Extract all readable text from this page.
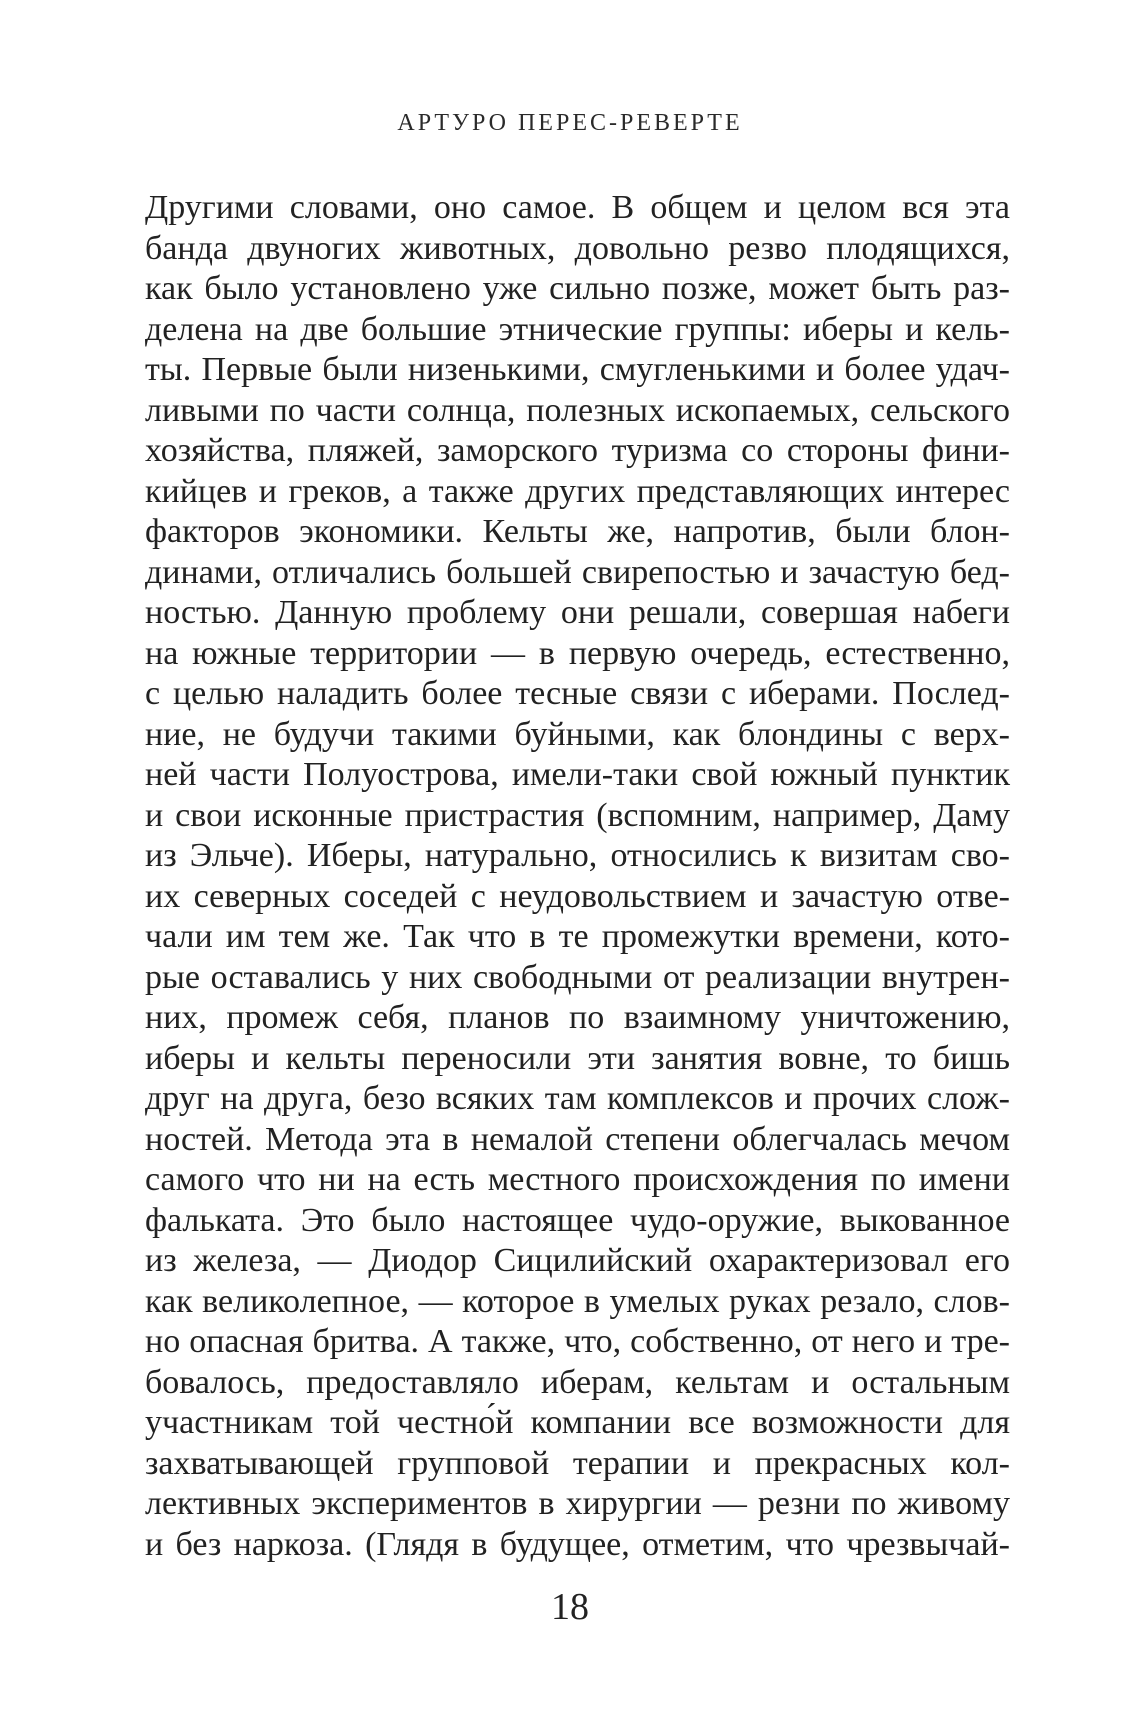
АРТУРО ПЕРЕС-РЕВЕРТЕ
Другими словами, оно самое. В общем и целом вся эта
банда двуногих животных, довольно резво плодящихся,
как было установлено уже сильно позже, может быть раз-
делена на две большие этнические группы: иберы и кель-
ты. Первые были низенькими, смугленькими и более удач-
ливыми по части солнца, полезных ископаемых, сельского
хозяйства, пляжей, заморского туризма со стороны фини-
кийцев и греков, а также других представляющих интерес
факторов экономики. Кельты же, напротив, были блон-
динами, отличались большей свирепостью и зачастую бед-
ностью. Данную проблему они решали, совершая набеги
на южные территории — в первую очередь, естественно,
с целью наладить более тесные связи с иберами. Послед-
ние, не будучи такими буйными, как блондины с верх-
ней части Полуострова, имели-таки свой южный пунктик
и свои исконные пристрастия (вспомним, например, Даму
из Эльче). Иберы, натурально, относились к визитам сво-
их северных соседей с неудовольствием и зачастую отве-
чали им тем же. Так что в те промежутки времени, кото-
рые оставались у них свободными от реализации внутрен-
них, промеж себя, планов по взаимному уничтожению,
иберы и кельты переносили эти занятия вовне, то бишь
друг на друга, безо всяких там комплексов и прочих слож-
ностей. Метода эта в немалой степени облегчалась мечом
самого что ни на есть местного происхождения по имени
фальката. Это было настоящее чудо-оружие, выкованное
из железа, — Диодор Сицилийский охарактеризовал его
как великолепное, — которое в умелых руках резало, слов-
но опасная бритва. А также, что, собственно, от него и тре-
бовалось, предоставляло иберам, кельтам и остальным
участникам той честно́й компании все возможности для
захватывающей групповой терапии и прекрасных кол-
лективных экспериментов в хирургии — резни по живому
и без наркоза. (Глядя в будущее, отметим, что чрезвычай-
18
